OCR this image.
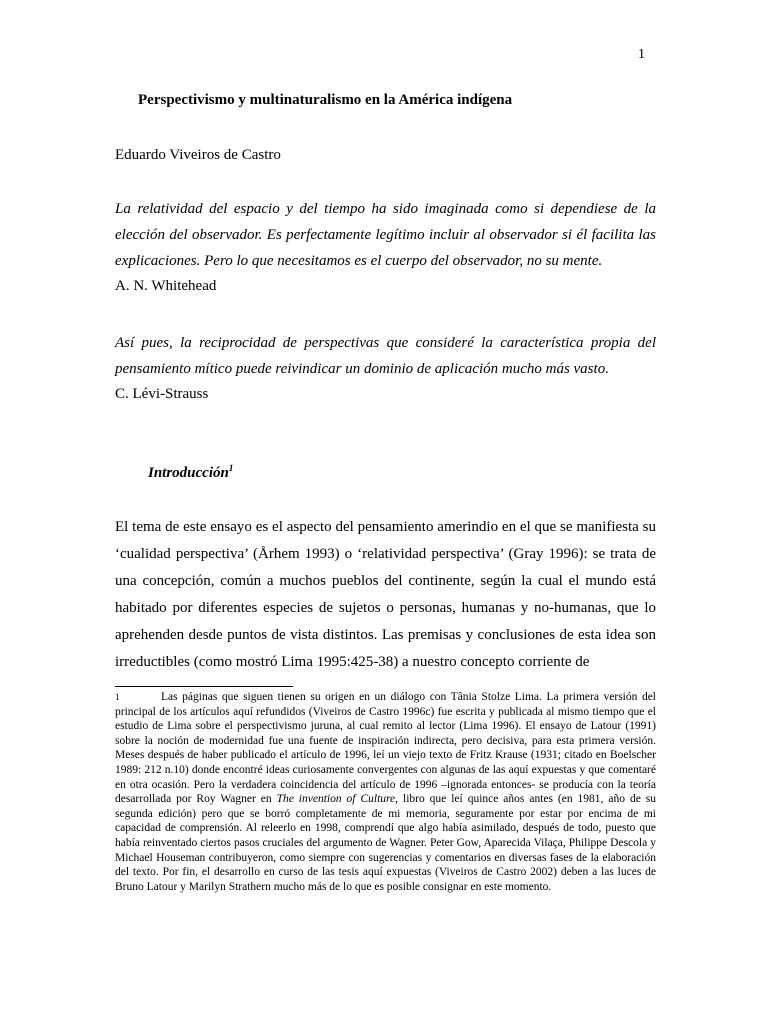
1
Perspectivismo y multinaturalismo en la América indígena
Eduardo Viveiros de Castro

La relatividad del espacio y del tiempo ha sido imaginada como si dependiese de la elección del observador. Es perfectamente legítimo incluir al observador si él facilita las explicaciones. Pero lo que necesitamos es el cuerpo del observador, no su mente.

A. N. Whitehead

Así pues, la reciprocidad de perspectivas que consideré la característica propia del pensamiento mítico puede reivindicar un dominio de aplicación mucho más vasto.

C. Lévi-Strauss

Introducción$^1$

El tema de este ensayo es el aspecto del pensamiento amerindio en el que se manifiesta su ‘cualidad perspectiva’ (Århem 1993) o ‘relatividad perspectiva’ (Gray 1996): se trata de una concepción, común a muchos pueblos del continente, según la cual el mundo está habitado por diferentes especies de sujetos o personas, humanas y no-humanas, que lo aprehenden desde puntos de vista distintos. Las premisas y conclusiones de esta idea son irreductibles (como mostró Lima 1995:425-38) a nuestro concepto corriente de

1	Las páginas que siguen tienen su origen en un diálogo con Tânia Stolze Lima. La primera versión del principal de los artículos aquí refundidos (Viveiros de Castro 1996c) fue escrita y publicada al mismo tiempo que el estudio de Lima sobre el perspectivismo juruna, al cual remito al lector (Lima 1996). El ensayo de Latour (1991) sobre la noción de modernidad fue una fuente de inspiración indirecta, pero decisiva, para esta primera versión. Meses después de haber publicado el artículo de 1996, leí un viejo texto de Fritz Krause (1931; citado en Boelscher 1989: 212 n.10) donde encontré ideas curiosamente convergentes con algunas de las aquí expuestas y que comentaré en otra ocasión. Pero la verdadera coincidencia del artículo de 1996 –ignorada entonces- se producía con la teoría desarrollada por Roy Wagner en The invention of Culture, libro que leí quince años antes (en 1981, año de su segunda edición) pero que se borró completamente de mi memoria, seguramente por estar por encima de mi capacidad de comprensión. Al releerlo en 1998, comprendí que algo había asimilado, después de todo, puesto que había reinventado ciertos pasos cruciales del argumento de Wagner. Peter Gow, Aparecida Vilaça, Philippe Descola y Michael Houseman contribuyeron, como siempre con sugerencias y comentarios en diversas fases de la elaboración del texto. Por fin, el desarrollo en curso de las tesis aquí expuestas (Viveiros de Castro 2002) deben a las luces de Bruno Latour y Marilyn Strathern mucho más de lo que es posible consignar en este momento.
